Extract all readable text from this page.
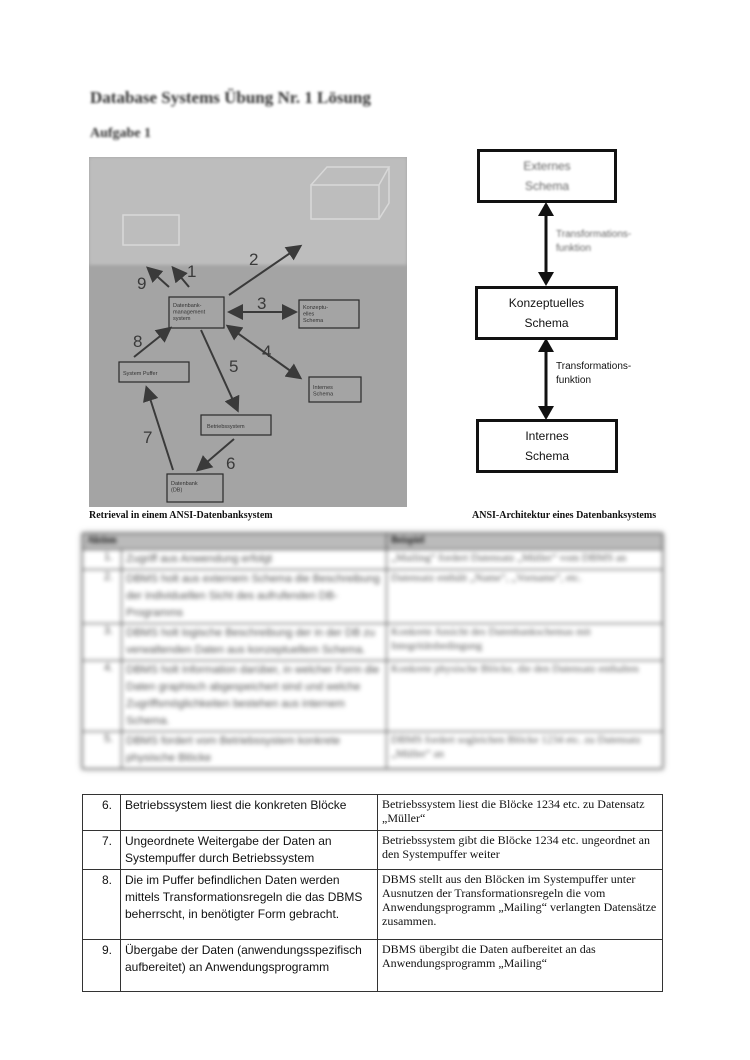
Database Systems Übung Nr. 1 Lösung
Aufgabe 1
1
2
3
4
5
6
7
8
9
Datenbank-management system
Konzeptu-elles Schema
System Puffer
Internes Schema
Betriebssystem
Datenbank (DB)
Retrieval in einem ANSI-Datenbanksystem
Externes
Schema
Transformations-
funktion
Konzeptuelles
Schema
Transformations-
funktion
Internes
Schema
ANSI-Architektur eines Datenbanksystems
Aktion		Beispiel
1.	Zugriff aus Anwendung erfolgt	„Mailing“ fordert Datensatz „Müller“ vom DBMS an
2.	DBMS holt aus externem Schema die Beschreibung der individuellen Sicht des aufrufenden DB-Programms	Datensatz enthält „Name“, „Vorname“, etc.
3.	DBMS holt logische Beschreibung der in der DB zu verwaltenden Daten aus konzeptuellem Schema.	Konkrete Ansicht des Datenbankschemas mit Integritätsbedingung
4.	DBMS holt Information darüber, in welcher Form die Daten graphisch abgespeichert sind und welche Zugriffsmöglichkeiten bestehen aus internem Schema.	Konkrete physische Blöcke, die den Datensatz enthalten
5.	DBMS fordert vom Betriebssystem konkrete physische Blöcke	DBMS fordert sogleichen Blöcke 1234 etc. zu Datensatz „Müller“ an
6.	Betriebssystem liest die konkreten Blöcke	Betriebssystem liest die Blöcke 1234 etc. zu Datensatz „Müller“
7.	Ungeordnete Weitergabe der Daten an Systempuffer durch Betriebssystem	Betriebssystem gibt die Blöcke 1234 etc. ungeordnet an den Systempuffer weiter
8.	Die im Puffer befindlichen Daten werden mittels Transformationsregeln die das DBMS beherrscht, in benötigter Form gebracht.	DBMS stellt aus den Blöcken im Systempuffer unter Ausnutzen der Transformationsregeln die vom Anwendungsprogramm „Mailing“ verlangten Datensätze zusammen.
9.	Übergabe der Daten (anwendungsspezifisch aufbereitet) an Anwendungsprogramm	DBMS übergibt die Daten aufbereitet an das Anwendungsprogramm „Mailing“
